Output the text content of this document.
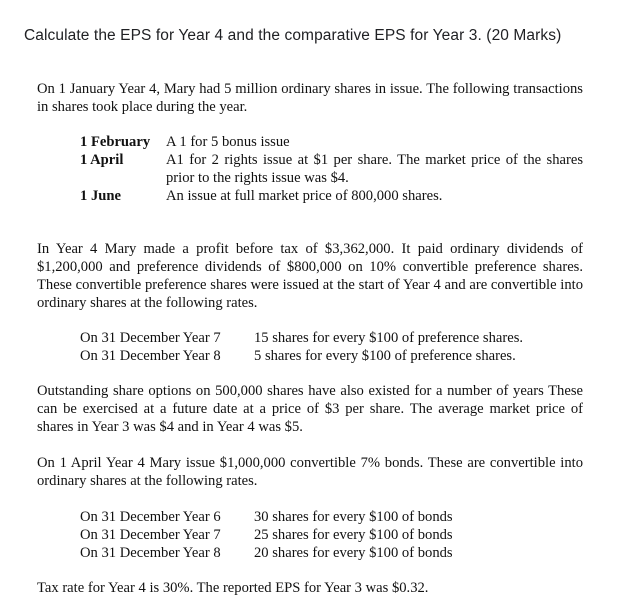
Calculate the EPS for Year 4 and the comparative EPS for Year 3. (20 Marks)

On 1 January Year 4, Mary had 5 million ordinary shares in issue. The following transactions in shares took place during the year.

1 February	A 1 for 5 bonus issue
1 April	A1 for 2 rights issue at $1 per share. The market price of the shares prior to the rights issue was $4.
1 June	An issue at full market price of 800,000 shares.

In Year 4 Mary made a profit before tax of $3,362,000. It paid ordinary dividends of $1,200,000 and preference dividends of $800,000 on 10% convertible preference shares. These convertible preference shares were issued at the start of Year 4 and are convertible into ordinary shares at the following rates.

On 31 December Year 7	15 shares for every $100 of preference shares.
On 31 December Year 8	5 shares for every $100 of preference shares.

Outstanding share options on 500,000 shares have also existed for a number of years These can be exercised at a future date at a price of $3 per share. The average market price of shares in Year 3 was $4 and in Year 4 was $5.

On 1 April Year 4 Mary issue $1,000,000 convertible 7% bonds. These are convertible into ordinary shares at the following rates.

On 31 December Year 6	30 shares for every $100 of bonds
On 31 December Year 7	25 shares for every $100 of bonds
On 31 December Year 8	20 shares for every $100 of bonds

Tax rate for Year 4 is 30%. The reported EPS for Year 3 was $0.32.
